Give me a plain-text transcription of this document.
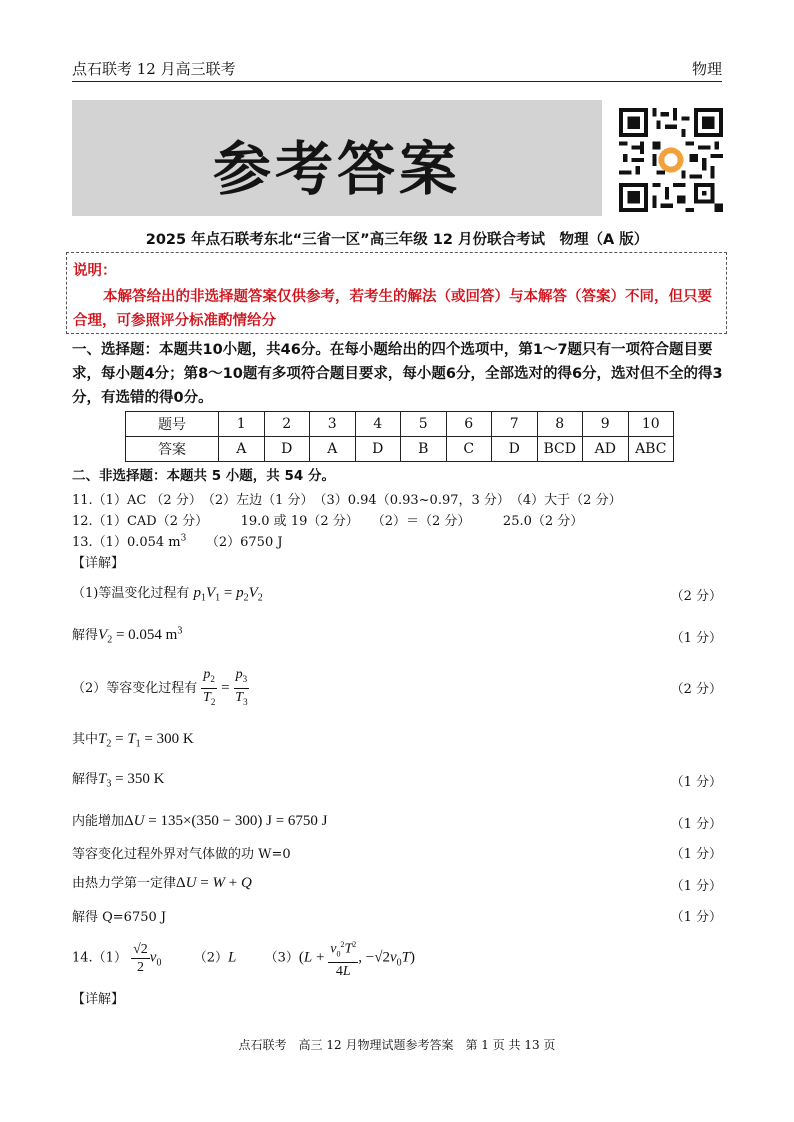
点石联考 12 月高三联考	物理
参考答案
2025 年点石联考东北“三省一区”高三年级 12 月份联合考试　物理（A 版）
说明：
本解答给出的非选择题答案仅供参考，若考生的解法（或回答）与本解答（答案）不同，但只要合理，可参照评分标准酌情给分
一、选择题：本题共10小题，共46分。在每小题给出的四个选项中，第1～7题只有一项符合题目要求，每小题4分；第8～10题有多项符合题目要求，每小题6分，全部选对的得6分，选对但不全的得3分，有选错的得0分。
题号	1	2	3	4	5	6	7	8	9	10
答案	A	D	A	D	B	C	D	BCD	AD	ABC
二、非选择题：本题共 5 小题，共 54 分。
11.（1）AC （2 分）　（2）左边（1 分）　（3）0.94（0.93~0.97，3 分）　（4）大于（2 分）
12.（1）CAD（2 分）　　　19.0 或 19（2 分）　　（2）＝（2 分）　　　25.0（2 分）
13.（1）0.054 $m^3$　　（2）6750 J
【详解】
（1)等温变化过程有 $p_1V_1 = p_2V_2$	（2 分）
解得$V_2 = 0.054$ $m^3$	（1 分）
（2）等容变化过程有 $\frac{p_2}{T_2} = \frac{p_3}{T_3}$	（2 分）
其中$T_2 = T_1 = 300$ K
解得$T_3 = 350$ K	（1 分）
内能增加ΔU = 135×(350 − 300) J = 6750 J	（1 分）
等容变化过程外界对气体做的功 W=0	（1 分）
由热力学第一定律ΔU = W + Q	（1 分）
解得 Q=6750 J	（1 分）
$14.(1) \frac{√2}{2} v_0$ （2）L $(3)(L + \frac{v_0^2T^2}{4L}$ , $-√2v_0T$)
【详解】
点石联考　高三 12 月物理试题参考答案　第 1 页 共 13 页
